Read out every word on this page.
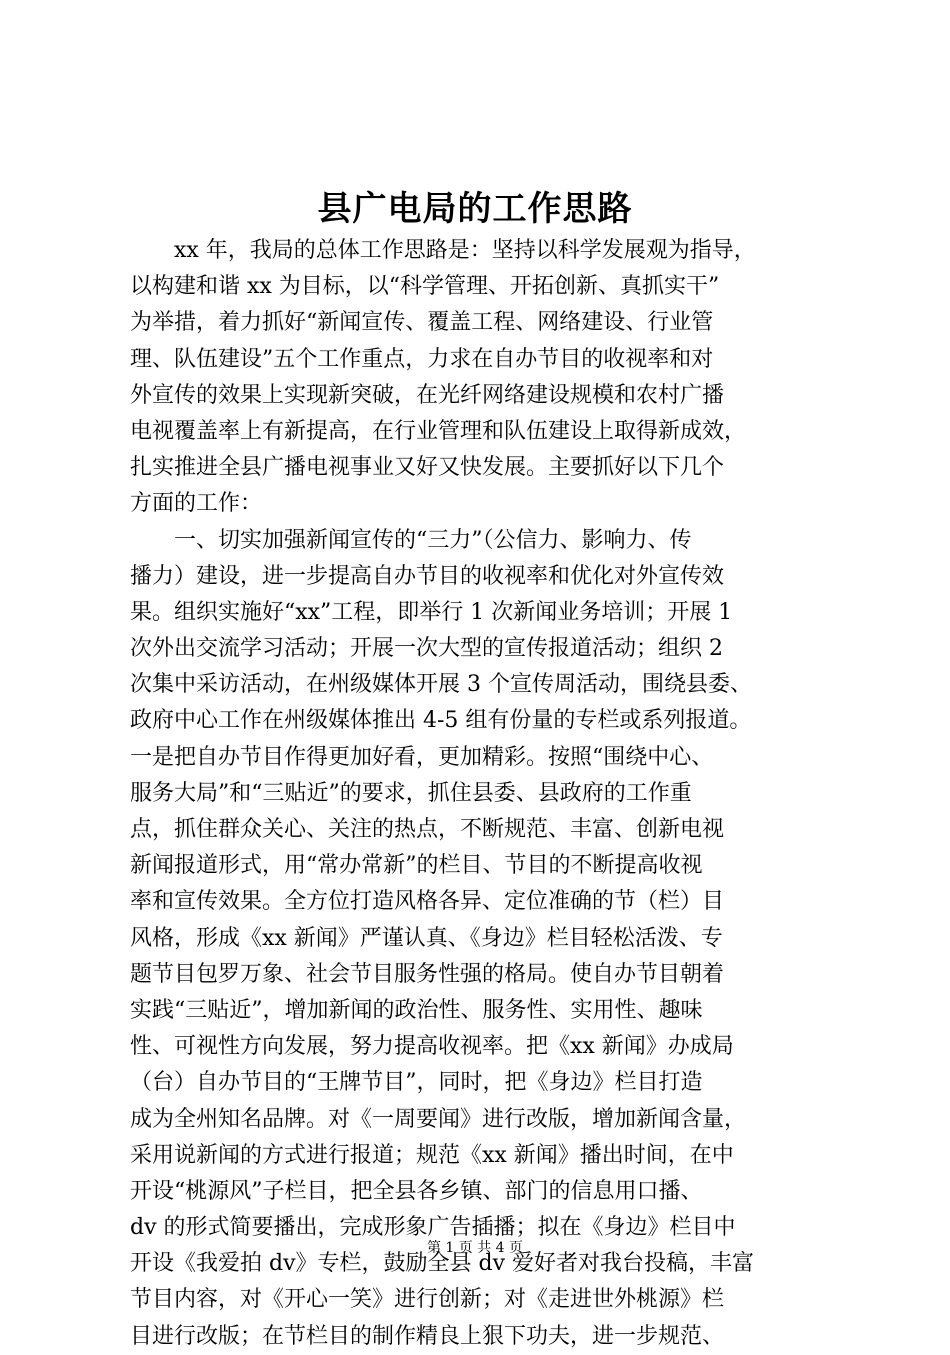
县广电局的工作思路
　　xx 年，我局的总体工作思路是：坚持以科学发展观为指导，
以构建和谐 xx 为目标，以“科学管理、开拓创新、真抓实干”
为举措，着力抓好“新闻宣传、覆盖工程、网络建设、行业管
理、队伍建设”五个工作重点，力求在自办节目的收视率和对
外宣传的效果上实现新突破，在光纤网络建设规模和农村广播
电视覆盖率上有新提高，在行业管理和队伍建设上取得新成效，
扎实推进全县广播电视事业又好又快发展。主要抓好以下几个
方面的工作：
　　一、切实加强新闻宣传的“三力”（公信力、影响力、传
播力）建设，进一步提高自办节目的收视率和优化对外宣传效
果。组织实施好“xx”工程，即举行 1 次新闻业务培训；开展 1
次外出交流学习活动；开展一次大型的宣传报道活动；组织 2
次集中采访活动，在州级媒体开展 3 个宣传周活动，围绕县委、
政府中心工作在州级媒体推出 4-5 组有份量的专栏或系列报道。
一是把自办节目作得更加好看，更加精彩。按照“围绕中心、
服务大局”和“三贴近”的要求，抓住县委、县政府的工作重
点，抓住群众关心、关注的热点，不断规范、丰富、创新电视
新闻报道形式，用“常办常新”的栏目、节目的不断提高收视
率和宣传效果。全方位打造风格各异、定位准确的节（栏）目
风格，形成《xx 新闻》严谨认真、《身边》栏目轻松活泼、专
题节目包罗万象、社会节目服务性强的格局。使自办节目朝着
实践“三贴近”，增加新闻的政治性、服务性、实用性、趣味
性、可视性方向发展，努力提高收视率。把《xx 新闻》办成局
（台）自办节目的“王牌节目”，同时，把《身边》栏目打造
成为全州知名品牌。对《一周要闻》进行改版，增加新闻含量，
采用说新闻的方式进行报道；规范《xx 新闻》播出时间，在中
开设“桃源风”子栏目，把全县各乡镇、部门的信息用口播、
dv 的形式简要播出，完成形象广告插播；拟在《身边》栏目中
开设《我爱拍 dv》专栏，鼓励全县 dv 爱好者对我台投稿，丰富
节目内容，对《开心一笑》进行创新；对《走进世外桃源》栏
目进行改版；在节栏目的制作精良上狠下功夫，进一步规范、
第 1 页 共 4 页
